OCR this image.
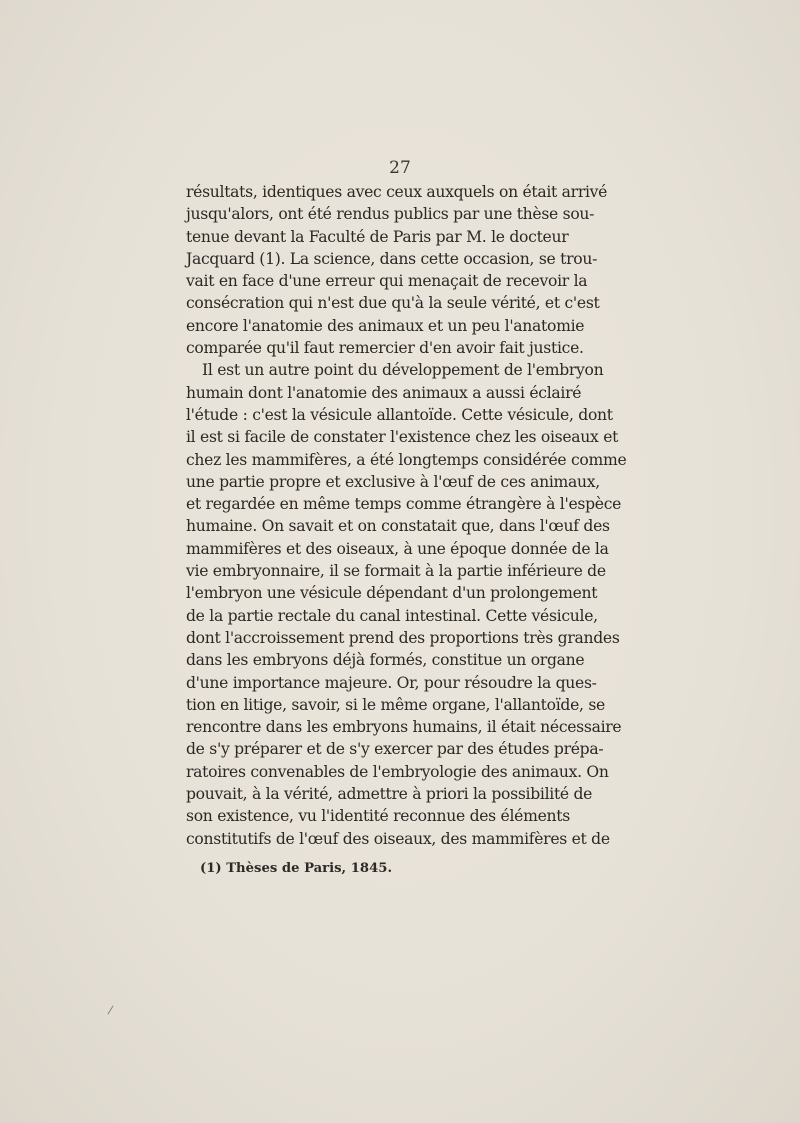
27
résultats, identiques avec ceux auxquels on était arrivé
jusqu'alors, ont été rendus publics par une thèse sou-
tenue devant la Faculté de Paris par M. le docteur
Jacquard (1). La science, dans cette occasion, se trou-
vait en face d'une erreur qui menaçait de recevoir la
consécration qui n'est due qu'à la seule vérité, et c'est
encore l'anatomie des animaux et un peu l'anatomie
comparée qu'il faut remercier d'en avoir fait justice.
Il est un autre point du développement de l'embryon
humain dont l'anatomie des animaux a aussi éclairé
l'étude : c'est la vésicule allantoïde. Cette vésicule, dont
il est si facile de constater l'existence chez les oiseaux et
chez les mammifères, a été longtemps considérée comme
une partie propre et exclusive à l'œuf de ces animaux,
et regardée en même temps comme étrangère à l'espèce
humaine. On savait et on constatait que, dans l'œuf des
mammifères et des oiseaux, à une époque donnée de la
vie embryonnaire, il se formait à la partie inférieure de
l'embryon une vésicule dépendant d'un prolongement
de la partie rectale du canal intestinal. Cette vésicule,
dont l'accroissement prend des proportions très grandes
dans les embryons déjà formés, constitue un organe
d'une importance majeure. Or, pour résoudre la ques-
tion en litige, savoir, si le même organe, l'allantoïde, se
rencontre dans les embryons humains, il était nécessaire
de s'y préparer et de s'y exercer par des études prépa-
ratoires convenables de l'embryologie des animaux. On
pouvait, à la vérité, admettre à priori la possibilité de
son existence, vu l'identité reconnue des éléments
constitutifs de l'œuf des oiseaux, des mammifères et de
(1) Thèses de Paris, 1845.
